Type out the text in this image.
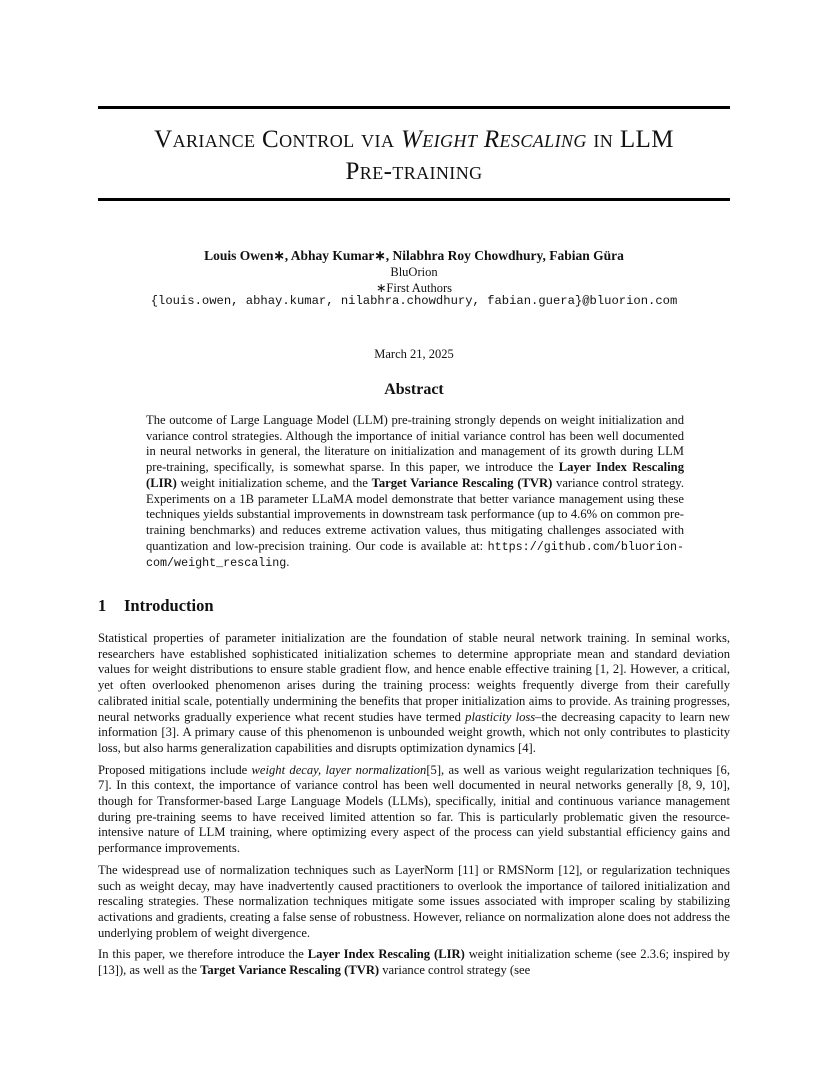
Variance Control via Weight Rescaling in LLM
Pre-training
Louis Owen∗, Abhay Kumar∗, Nilabhra Roy Chowdhury, Fabian Güra
BluOrion
∗First Authors
{louis.owen, abhay.kumar, nilabhra.chowdhury, fabian.guera}@bluorion.com
March 21, 2025
Abstract
The outcome of Large Language Model (LLM) pre-training strongly depends on weight initialization and variance control strategies. Although the importance of initial variance control has been well documented in neural networks in general, the literature on initialization and management of its growth during LLM pre-training, specifically, is somewhat sparse. In this paper, we introduce the Layer Index Rescaling (LIR) weight initialization scheme, and the Target Variance Rescaling (TVR) variance control strategy. Experiments on a 1B parameter LLaMA model demonstrate that better variance management using these techniques yields substantial improvements in downstream task performance (up to 4.6% on common pre-training benchmarks) and reduces extreme activation values, thus mitigating challenges associated with quantization and low-precision training. Our code is available at: https://github.com/bluorion-com/weight_rescaling.
1 Introduction

Statistical properties of parameter initialization are the foundation of stable neural network training. In seminal works, researchers have established sophisticated initialization schemes to determine appropriate mean and standard deviation values for weight distributions to ensure stable gradient flow, and hence enable effective training [1, 2]. However, a critical, yet often overlooked phenomenon arises during the training process: weights frequently diverge from their carefully calibrated initial scale, potentially undermining the benefits that proper initialization aims to provide. As training progresses, neural networks gradually experience what recent studies have termed plasticity loss–the decreasing capacity to learn new information [3]. A primary cause of this phenomenon is unbounded weight growth, which not only contributes to plasticity loss, but also harms generalization capabilities and disrupts optimization dynamics [4].

Proposed mitigations include weight decay, layer normalization[5], as well as various weight regularization techniques [6, 7]. In this context, the importance of variance control has been well documented in neural networks generally [8, 9, 10], though for Transformer-based Large Language Models (LLMs), specifically, initial and continuous variance management during pre-training seems to have received limited attention so far. This is particularly problematic given the resource-intensive nature of LLM training, where optimizing every aspect of the process can yield substantial efficiency gains and performance improvements.

The widespread use of normalization techniques such as LayerNorm [11] or RMSNorm [12], or regularization techniques such as weight decay, may have inadvertently caused practitioners to overlook the importance of tailored initialization and rescaling strategies. These normalization techniques mitigate some issues associated with improper scaling by stabilizing activations and gradients, creating a false sense of robustness. However, reliance on normalization alone does not address the underlying problem of weight divergence.

In this paper, we therefore introduce the Layer Index Rescaling (LIR) weight initialization scheme (see 2.3.6; inspired by [13]), as well as the Target Variance Rescaling (TVR) variance control strategy (see
